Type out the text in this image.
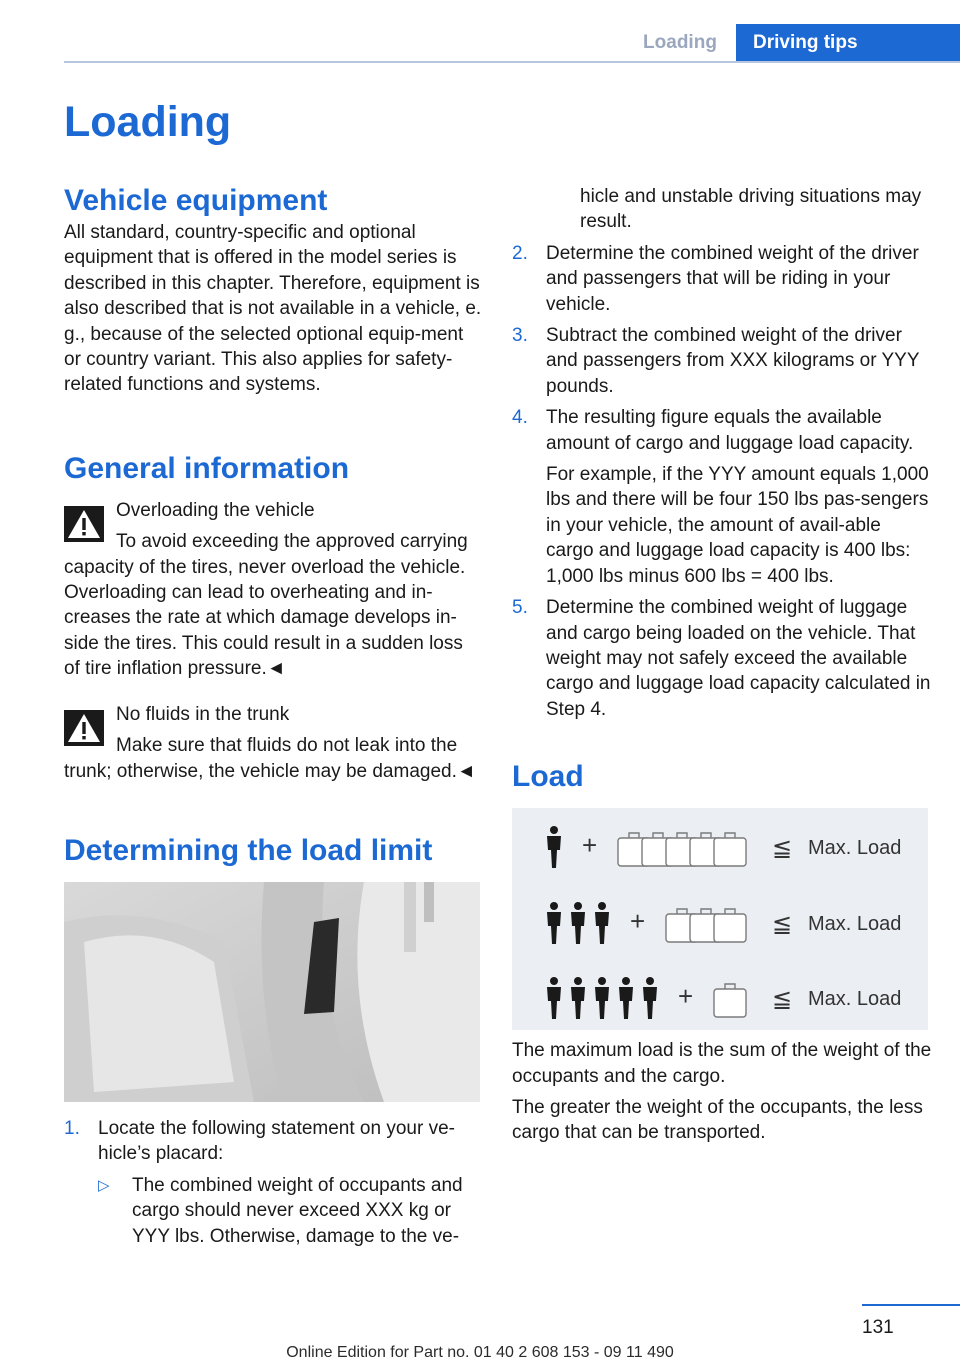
Loading	Driving tips
Loading
Vehicle equipment

All standard, country-specific and optional equipment that is offered in the model series is described in this chapter. Therefore, equipment is also described that is not available in a vehicle, e. g., because of the selected optional equip-ment or country variant. This also applies for safety-related functions and systems.

General information

Overloading the vehicle

To avoid exceeding the approved carrying capacity of the tires, never overload the vehicle. Overloading can lead to overheating and in-creases the rate at which damage develops in-side the tires. This could result in a sudden loss of tire inflation pressure.◄

No fluids in the trunk

Make sure that fluids do not leak into the trunk; otherwise, the vehicle may be damaged.◄

Determining the load limit
1. Locate the following statement on your ve-hicle’s placard:
▷ The combined weight of occupants and cargo should never exceed XXX kg or YYY lbs. Otherwise, damage to the ve-
hicle and unstable driving situations may result.
2. Determine the combined weight of the driver and passengers that will be riding in your vehicle.
3. Subtract the combined weight of the driver and passengers from XXX kilograms or YYY pounds.
4. The resulting figure equals the available amount of cargo and luggage load capacity.
For example, if the YYY amount equals 1,000 lbs and there will be four 150 lbs pas-sengers in your vehicle, the amount of avail-able cargo and luggage load capacity is 400 lbs: 1,000 lbs minus 600 lbs = 400 lbs.
5. Determine the combined weight of luggage and cargo being loaded on the vehicle. That weight may not safely exceed the available cargo and luggage load capacity calculated in Step 4.
Load
+	≦ Max. Load
+	≦ Max. Load
+	≦ Max. Load

The maximum load is the sum of the weight of the occupants and the cargo.

The greater the weight of the occupants, the less cargo that can be transported.

131
Online Edition for Part no. 01 40 2 608 153 - 09 11 490
